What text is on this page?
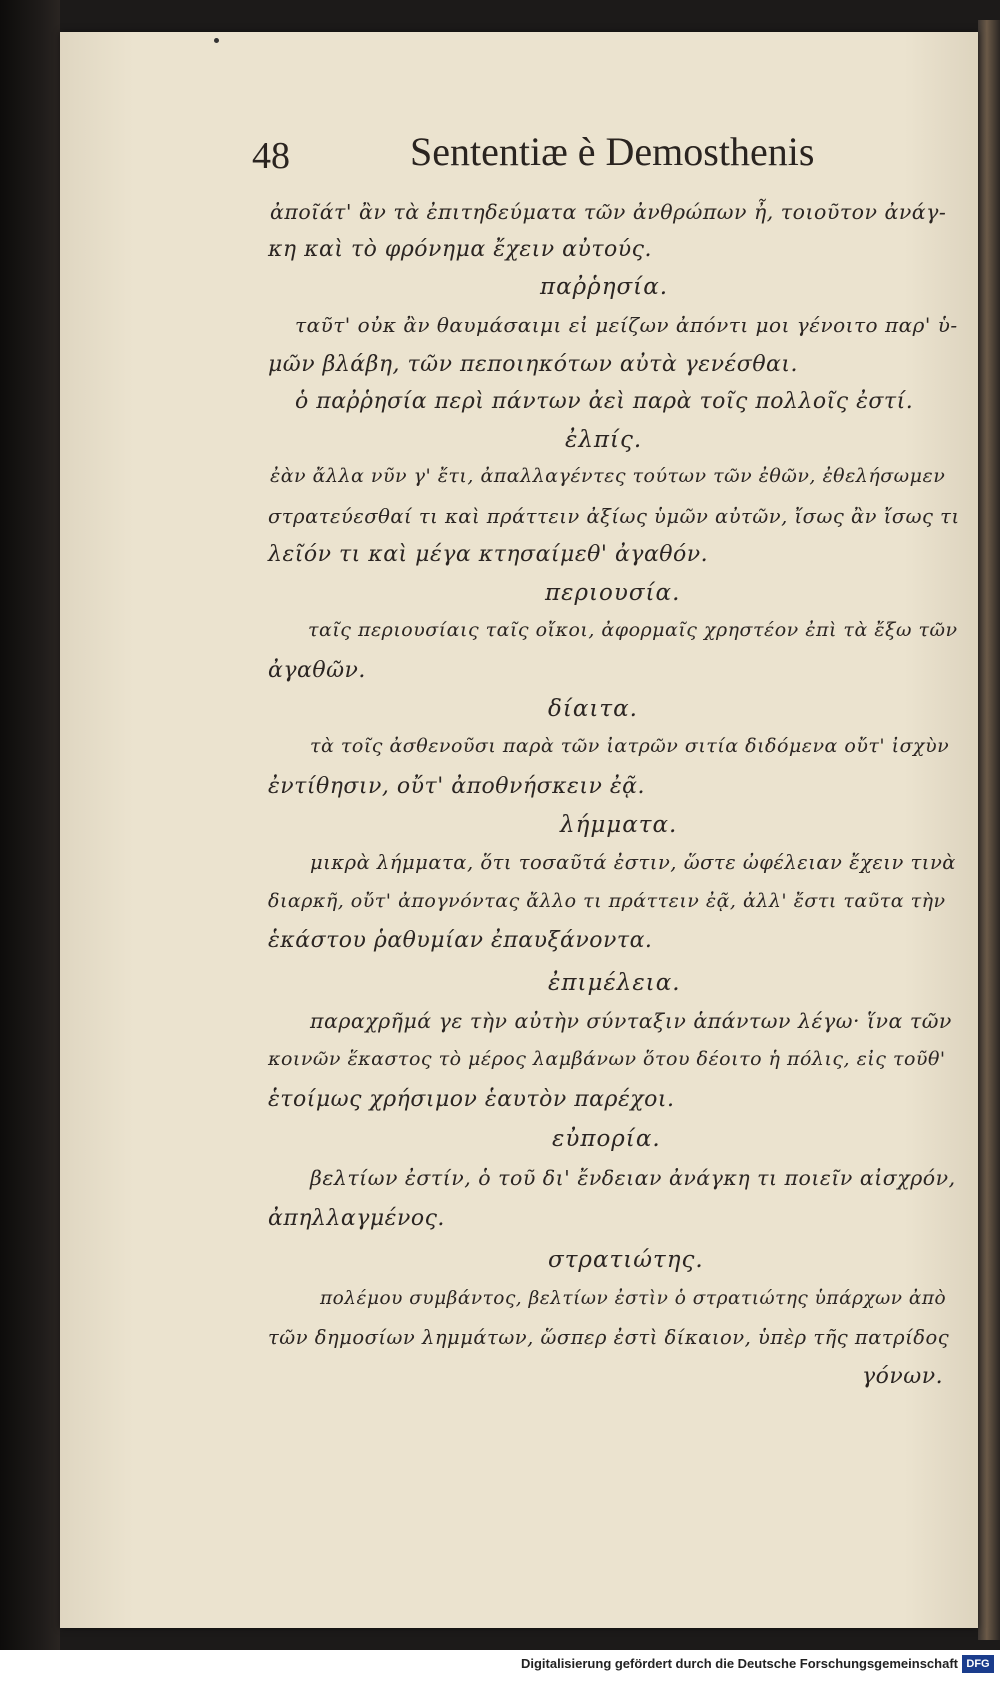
48	Sententiæ è Demosthenis
ἀποῖάτ' ἂν τὰ ἐπιτηδεύματα τῶν ἀνθρώπων ἦ, τοιοῦτον ἀνάγ-
κη καὶ τὸ φρόνημα ἔχειν αὐτούς.
παῤῥησία.
ταῦτ' οὐκ ἂν θαυμάσαιμι εἰ μείζων ἀπόντι μοι γένοιτο παρ' ὑ-
μῶν βλάβη, τῶν πεποιηκότων αὐτὰ γενέσθαι.
ὁ παῤῥησία περὶ πάντων ἀεὶ παρὰ τοῖς πολλοῖς ἐστί.
ἐλπίς.
ἐὰν ἄλλα νῦν γ' ἔτι, ἀπαλλαγέντες τούτων τῶν ἐθῶν, ἐθελήσωμεν
στρατεύεσθαί τι καὶ πράττειν ἀξίως ὑμῶν αὐτῶν, ἴσως ἂν ἴσως τι
λεῖόν τι καὶ μέγα κτησαίμεθ' ἀγαθόν.
περιουσία.
ταῖς περιουσίαις ταῖς οἴκοι, ἀφορμαῖς χρηστέον ἐπὶ τὰ ἔξω τῶν
ἀγαθῶν.
δίαιτα.
τὰ τοῖς ἀσθενοῦσι παρὰ τῶν ἰατρῶν σιτία διδόμενα οὔτ' ἰσχὺν
ἐντίθησιν, οὔτ' ἀποθνήσκειν ἐᾷ.
λήμματα.
μικρὰ λήμματα, ὅτι τοσαῦτά ἐστιν, ὥστε ὠφέλειαν ἔχειν τινὰ
διαρκῆ, οὔτ' ἀπογνόντας ἄλλο τι πράττειν ἐᾷ, ἀλλ' ἔστι ταῦτα τὴν
ἑκάστου ῥαθυμίαν ἐπαυξάνοντα.
ἐπιμέλεια.
παραχρῆμά γε τὴν αὐτὴν σύνταξιν ἁπάντων λέγω· ἵνα τῶν
κοινῶν ἕκαστος τὸ μέρος λαμβάνων ὅτου δέοιτο ἡ πόλις, εἰς τοῦθ'
ἑτοίμως χρήσιμον ἑαυτὸν παρέχοι.
εὐπορία.
βελτίων ἐστίν, ὁ τοῦ δι' ἔνδειαν ἀνάγκη τι ποιεῖν αἰσχρόν,
ἀπηλλαγμένος.
στρατιώτης.
πολέμου συμβάντος, βελτίων ἐστὶν ὁ στρατιώτης ὑπάρχων ἀπὸ
τῶν δημοσίων λημμάτων, ὥσπερ ἐστὶ δίκαιον, ὑπὲρ τῆς πατρίδος
γόνων.
Digitalisierung gefördert durch die Deutsche Forschungsgemeinschaft DFG
